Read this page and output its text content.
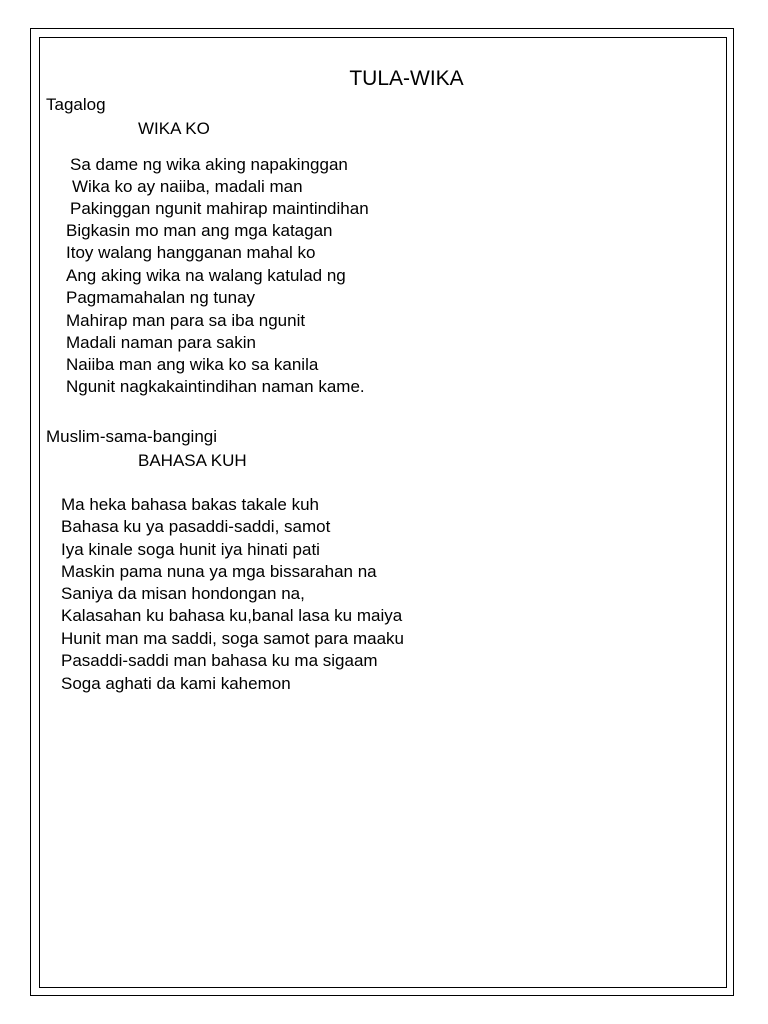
TULA-WIKA
Tagalog
WIKA KO
Sa dame ng wika aking napakinggan
Wika ko ay naiiba, madali man
Pakinggan ngunit mahirap maintindihan
Bigkasin mo man ang mga katagan
Itoy walang hangganan mahal ko
Ang aking wika na walang katulad ng
Pagmamahalan ng tunay
Mahirap man para sa iba ngunit
Madali naman para sakin
Naiiba man ang wika ko sa kanila
Ngunit nagkakaintindihan naman kame.
Muslim-sama-bangingi
BAHASA KUH
Ma heka bahasa bakas takale kuh
Bahasa ku ya pasaddi-saddi, samot
Iya kinale soga hunit iya hinati pati
Maskin pama nuna ya mga bissarahan na
Saniya da misan hondongan na,
Kalasahan ku bahasa ku,banal lasa ku maiya
Hunit man ma saddi, soga samot para maaku
Pasaddi-saddi man bahasa ku ma sigaam
Soga aghati da kami kahemon
